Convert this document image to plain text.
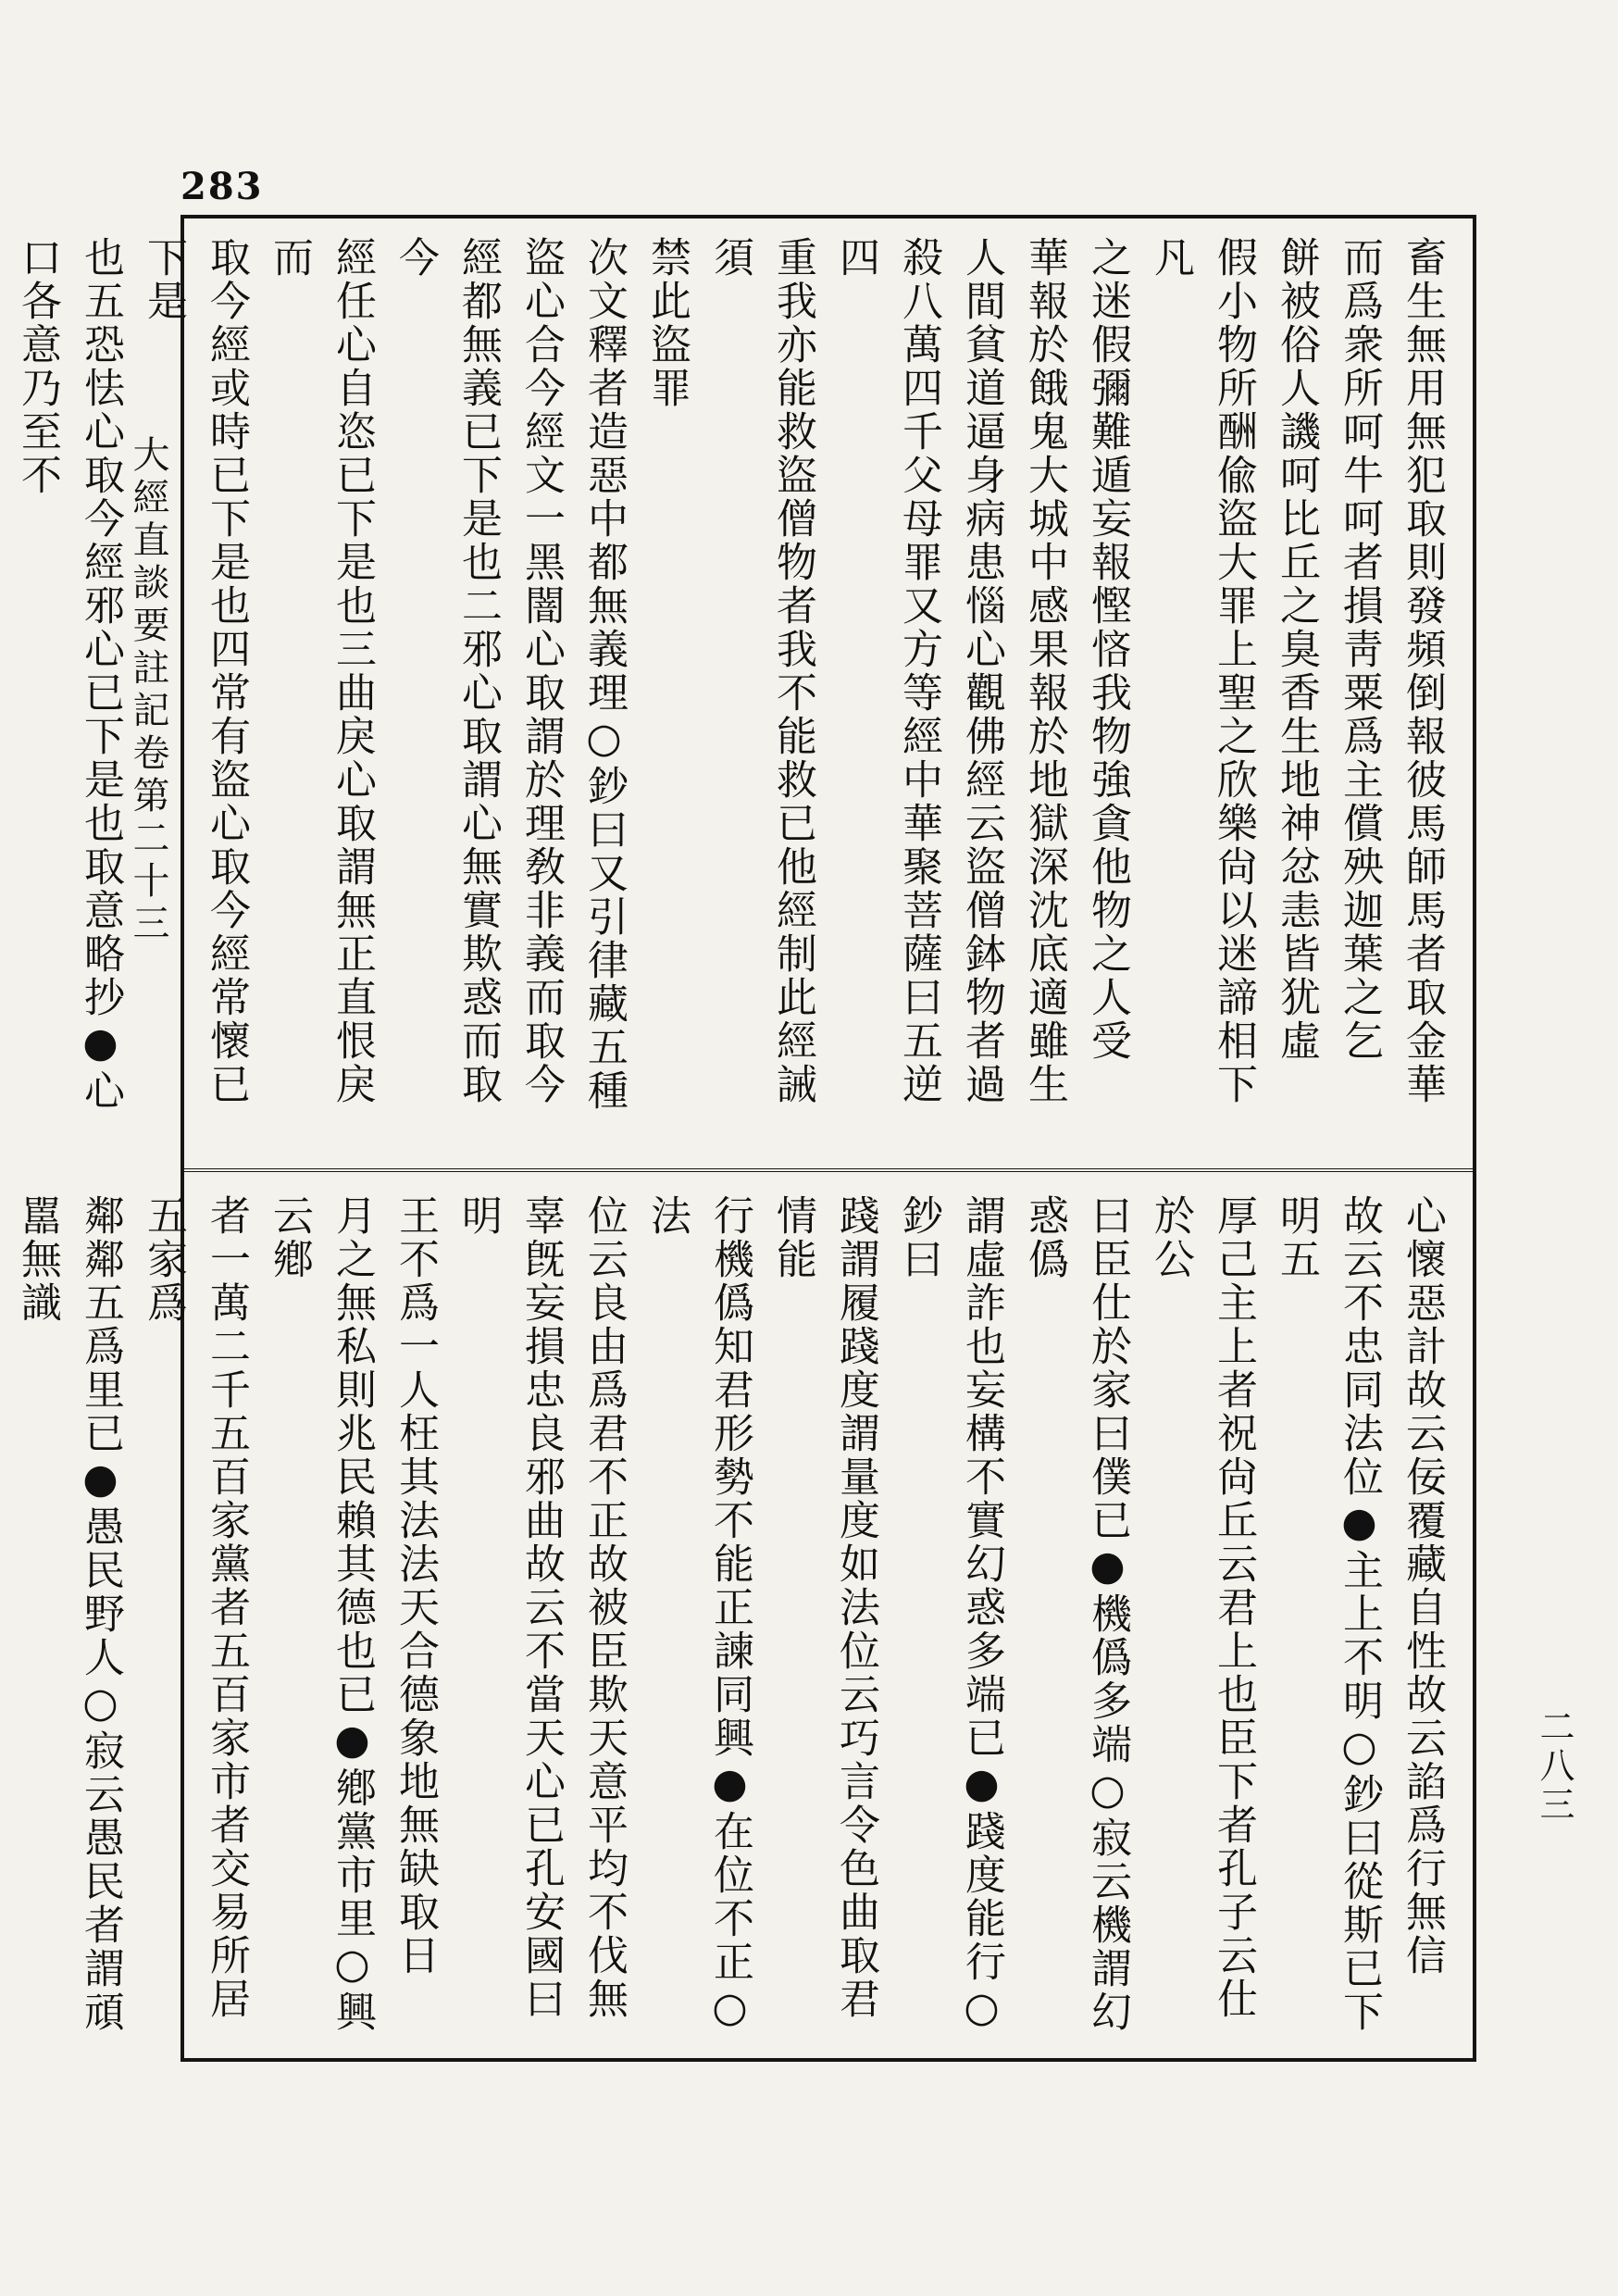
283
大經直談要註記卷第二十三
二八三
畜生無用無犯取則發頻倒報彼馬師馬者取金華
而爲衆所呵牛呵者損靑粟爲主償殃迦葉之乞
餅被俗人譏呵比丘之臭香生地神忿恚皆犹虛
假小物所酬偸盜大罪上聖之欣樂尙以迷諦相下凡
之迷假彌難遁妄報慳悋我物強貪他物之人受
華報於餓鬼大城中感果報於地獄深沈底適雖生
人間貧道逼身病患惱心觀佛經云盜僧鉢物者過
殺八萬四千父母罪又方等經中華聚菩薩曰五逆四
重我亦能救盜僧物者我不能救已他經制此經誡須
禁此盜罪
次文釋者造惡中都無義理○鈔曰又引律藏五種
盜心合今經文一黑闇心取謂於理敎非義而取今
經都無義已下是也二邪心取謂心無實欺惑而取今
經任心自恣已下是也三曲戾心取謂無正直恨戾而
取今經或時已下是也四常有盜心取今經常懷已下是
也五恐怯心取今經邪心已下是也取意略抄●心口各意乃至不

心懷惡計故云佞覆藏自性故云諂爲行無信
故云不忠同法位●主上不明○鈔曰從斯已下明五
厚己主上者祝尙丘云君上也臣下者孔子云仕於公
曰臣仕於家曰僕已●機僞多端○寂云機謂幻惑僞
謂虛詐也妄構不實幻惑多端已●踐度能行○鈔曰
踐謂履踐度謂量度如法位云巧言令色曲取君情能
行機僞知君形勢不能正諫同興●在位不正○法
位云良由爲君不正故被臣欺天意平均不伐無
辜旣妄損忠良邪曲故云不當天心已孔安國曰明
王不爲一人枉其法法天合德象地無缺取日
月之無私則兆民賴其德也已●鄕黨市里○興云鄕
者一萬二千五百家黨者五百家市者交易所居五家爲
鄰鄰五爲里已●愚民野人○寂云愚民者謂頑嚚無識
